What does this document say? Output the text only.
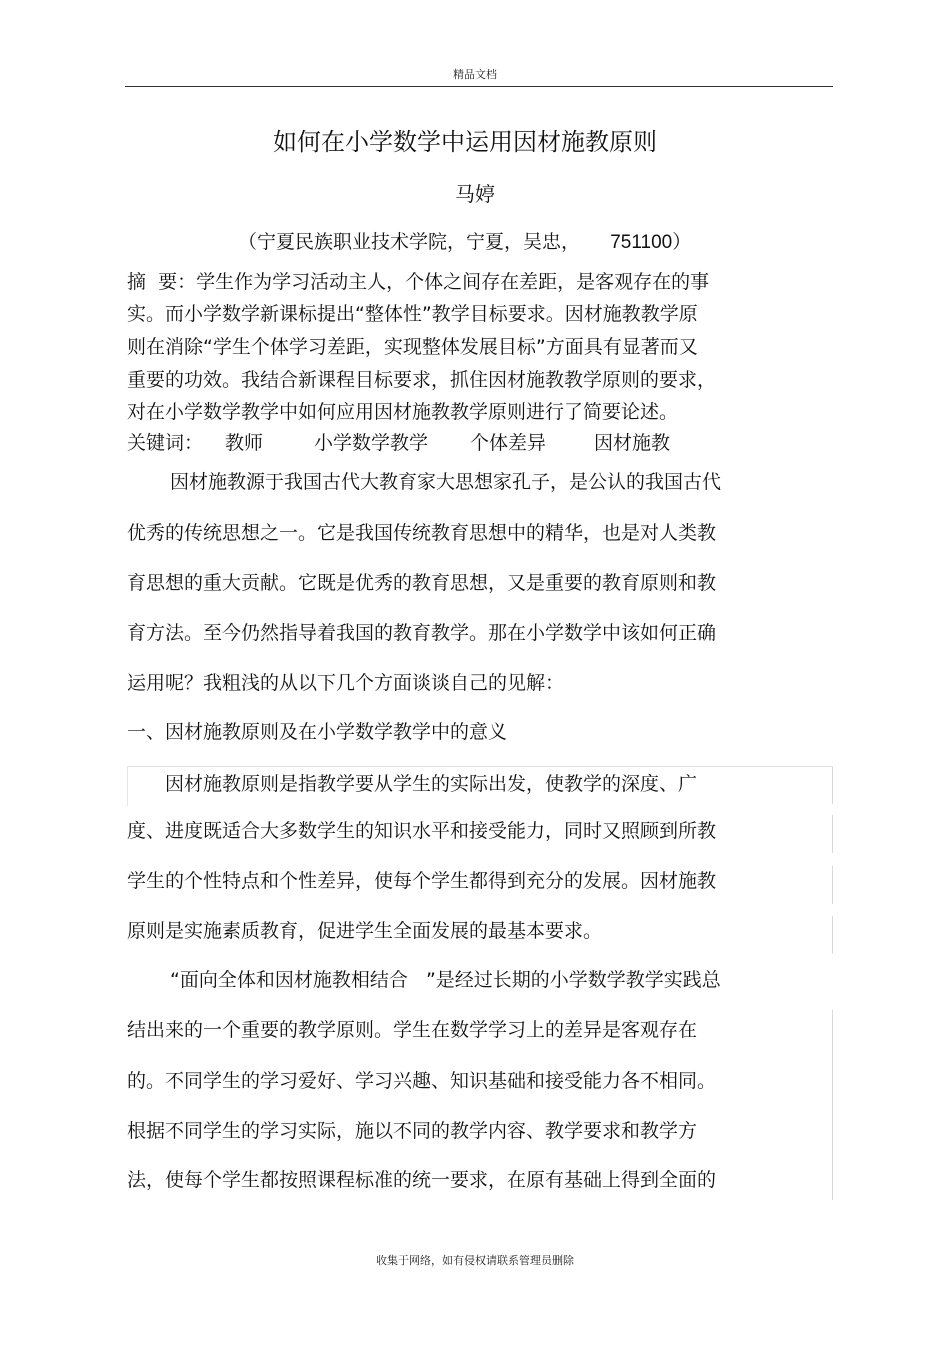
精品文档
如何在小学数学中运用因材施教原则
马婷
（宁夏民族职业技术学院，宁夏，吴忠， 751100）
摘  要：学生作为学习活动主人，个体之间存在差距，是客观存在的事
实。而小学数学新课标提出“整体性”教学目标要求。因材施教教学原
则在消除“学生个体学习差距，实现整体发展目标”方面具有显著而又
重要的功效。我结合新课程目标要求，抓住因材施教教学原则的要求，
对在小学数学教学中如何应用因材施教教学原则进行了简要论述。
关键词： 教师	小学数学教学 个体差异	因材施教
因材施教源于我国古代大教育家大思想家孔子，是公认的我国古代
优秀的传统思想之一。它是我国传统教育思想中的精华，也是对人类教
育思想的重大贡献。它既是优秀的教育思想，又是重要的教育原则和教
育方法。至今仍然指导着我国的教育教学。那在小学数学中该如何正确
运用呢？我粗浅的从以下几个方面谈谈自己的见解：
一、因材施教原则及在小学数学教学中的意义
因材施教原则是指教学要从学生的实际出发，使教学的深度、广
度、进度既适合大多数学生的知识水平和接受能力，同时又照顾到所教
学生的个性特点和个性差异，使每个学生都得到充分的发展。因材施教
原则是实施素质教育，促进学生全面发展的最基本要求。
“面向全体和因材施教相结合   ”是经过长期的小学数学教学实践总
结出来的一个重要的教学原则。学生在数学学习上的差异是客观存在
的。不同学生的学习爱好、学习兴趣、知识基础和接受能力各不相同。
根据不同学生的学习实际，施以不同的教学内容、教学要求和教学方
法，使每个学生都按照课程标准的统一要求，在原有基础上得到全面的
收集于网络，如有侵权请联系管理员删除
